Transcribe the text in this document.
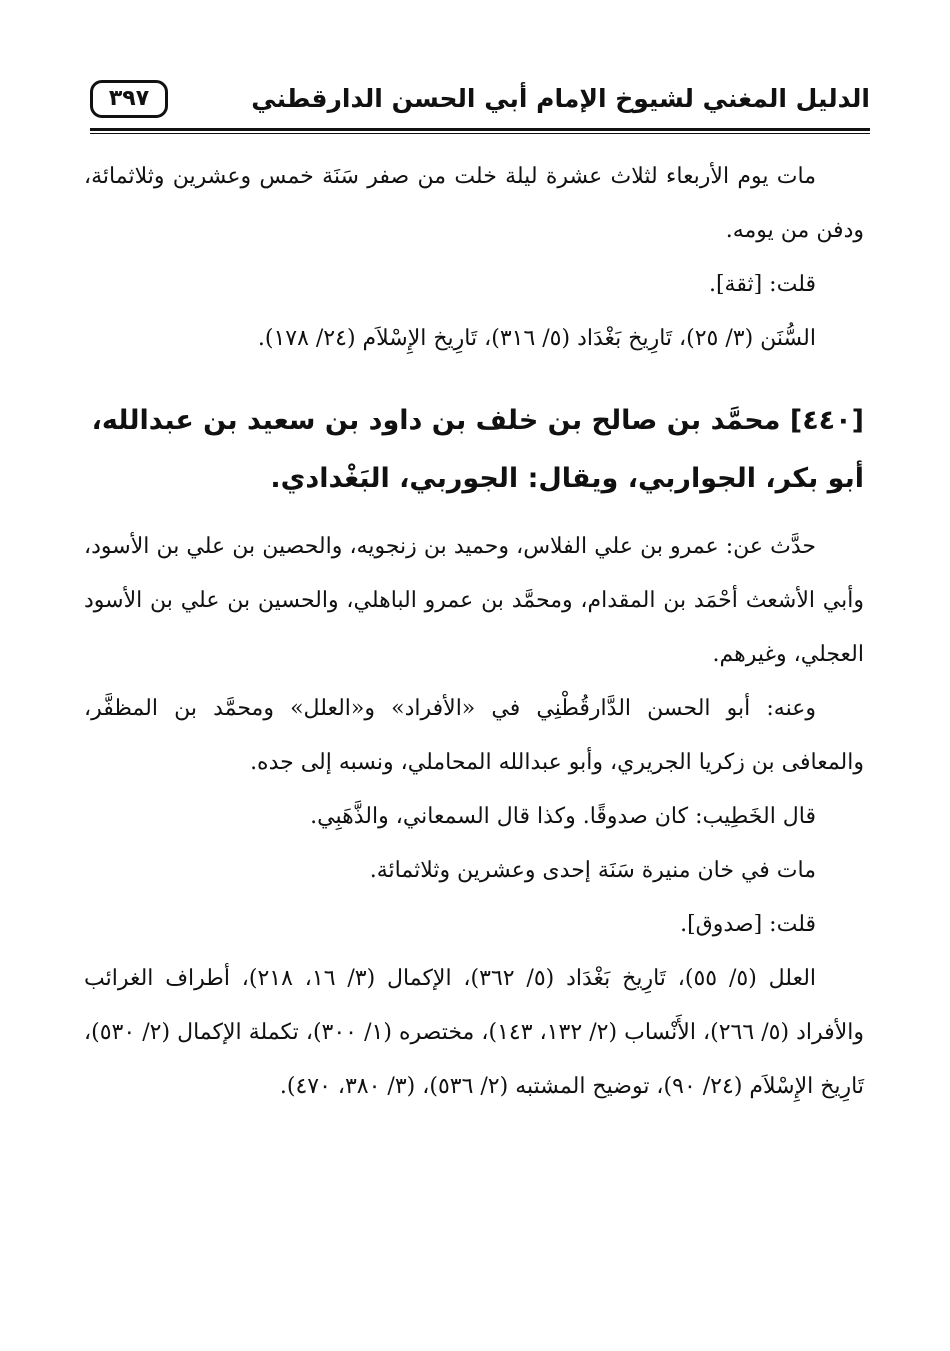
الدليل المغني لشيوخ الإمام أبي الحسن الدارقطني
٣٩٧

مات يوم الأربعاء لثلاث عشرة ليلة خلت من صفر سَنَة خمس وعشرين وثلاثمائة، ودفن من يومه.

قلت: [ثقة].

السُّنَن (٣/ ٢٥)، تَارِيخ بَغْدَاد (٥/ ٣١٦)، تَارِيخ الإِسْلاَم (٢٤/ ١٧٨).

[٤٤٠] محمَّد بن صالح بن خلف بن داود بن سعيد بن عبدالله، أبو بكر، الجواربي، ويقال: الجوربي، البَغْدادي.

حدَّث عن: عمرو بن علي الفلاس، وحميد بن زنجويه، والحصين بن علي بن الأسود، وأبي الأشعث أحْمَد بن المقدام، ومحمَّد بن عمرو الباهلي، والحسين بن علي بن الأسود العجلي، وغيرهم.

وعنه: أبو الحسن الدَّارقُطْنِي في «الأفراد» و«العلل» ومحمَّد بن المظفَّر، والمعافى بن زكريا الجريري، وأبو عبدالله المحاملي، ونسبه إلى جده.

قال الخَطِيب: كان صدوقًا. وكذا قال السمعاني، والذَّهَبِي.

مات في خان منيرة سَنَة إحدى وعشرين وثلاثمائة.

قلت: [صدوق].

العلل (٥/ ٥٥)، تَارِيخ بَغْدَاد (٥/ ٣٦٢)، الإكمال (٣/ ١٦، ٢١٨)، أطراف الغرائب والأفراد (٥/ ٢٦٦)، الأَنْساب (٢/ ١٣٢، ١٤٣)، مختصره (١/ ٣٠٠)، تكملة الإكمال (٢/ ٥٣٠)، تَارِيخ الإِسْلاَم (٢٤/ ٩٠)، توضيح المشتبه (٢/ ٥٣٦)، (٣/ ٣٨٠، ٤٧٠).
